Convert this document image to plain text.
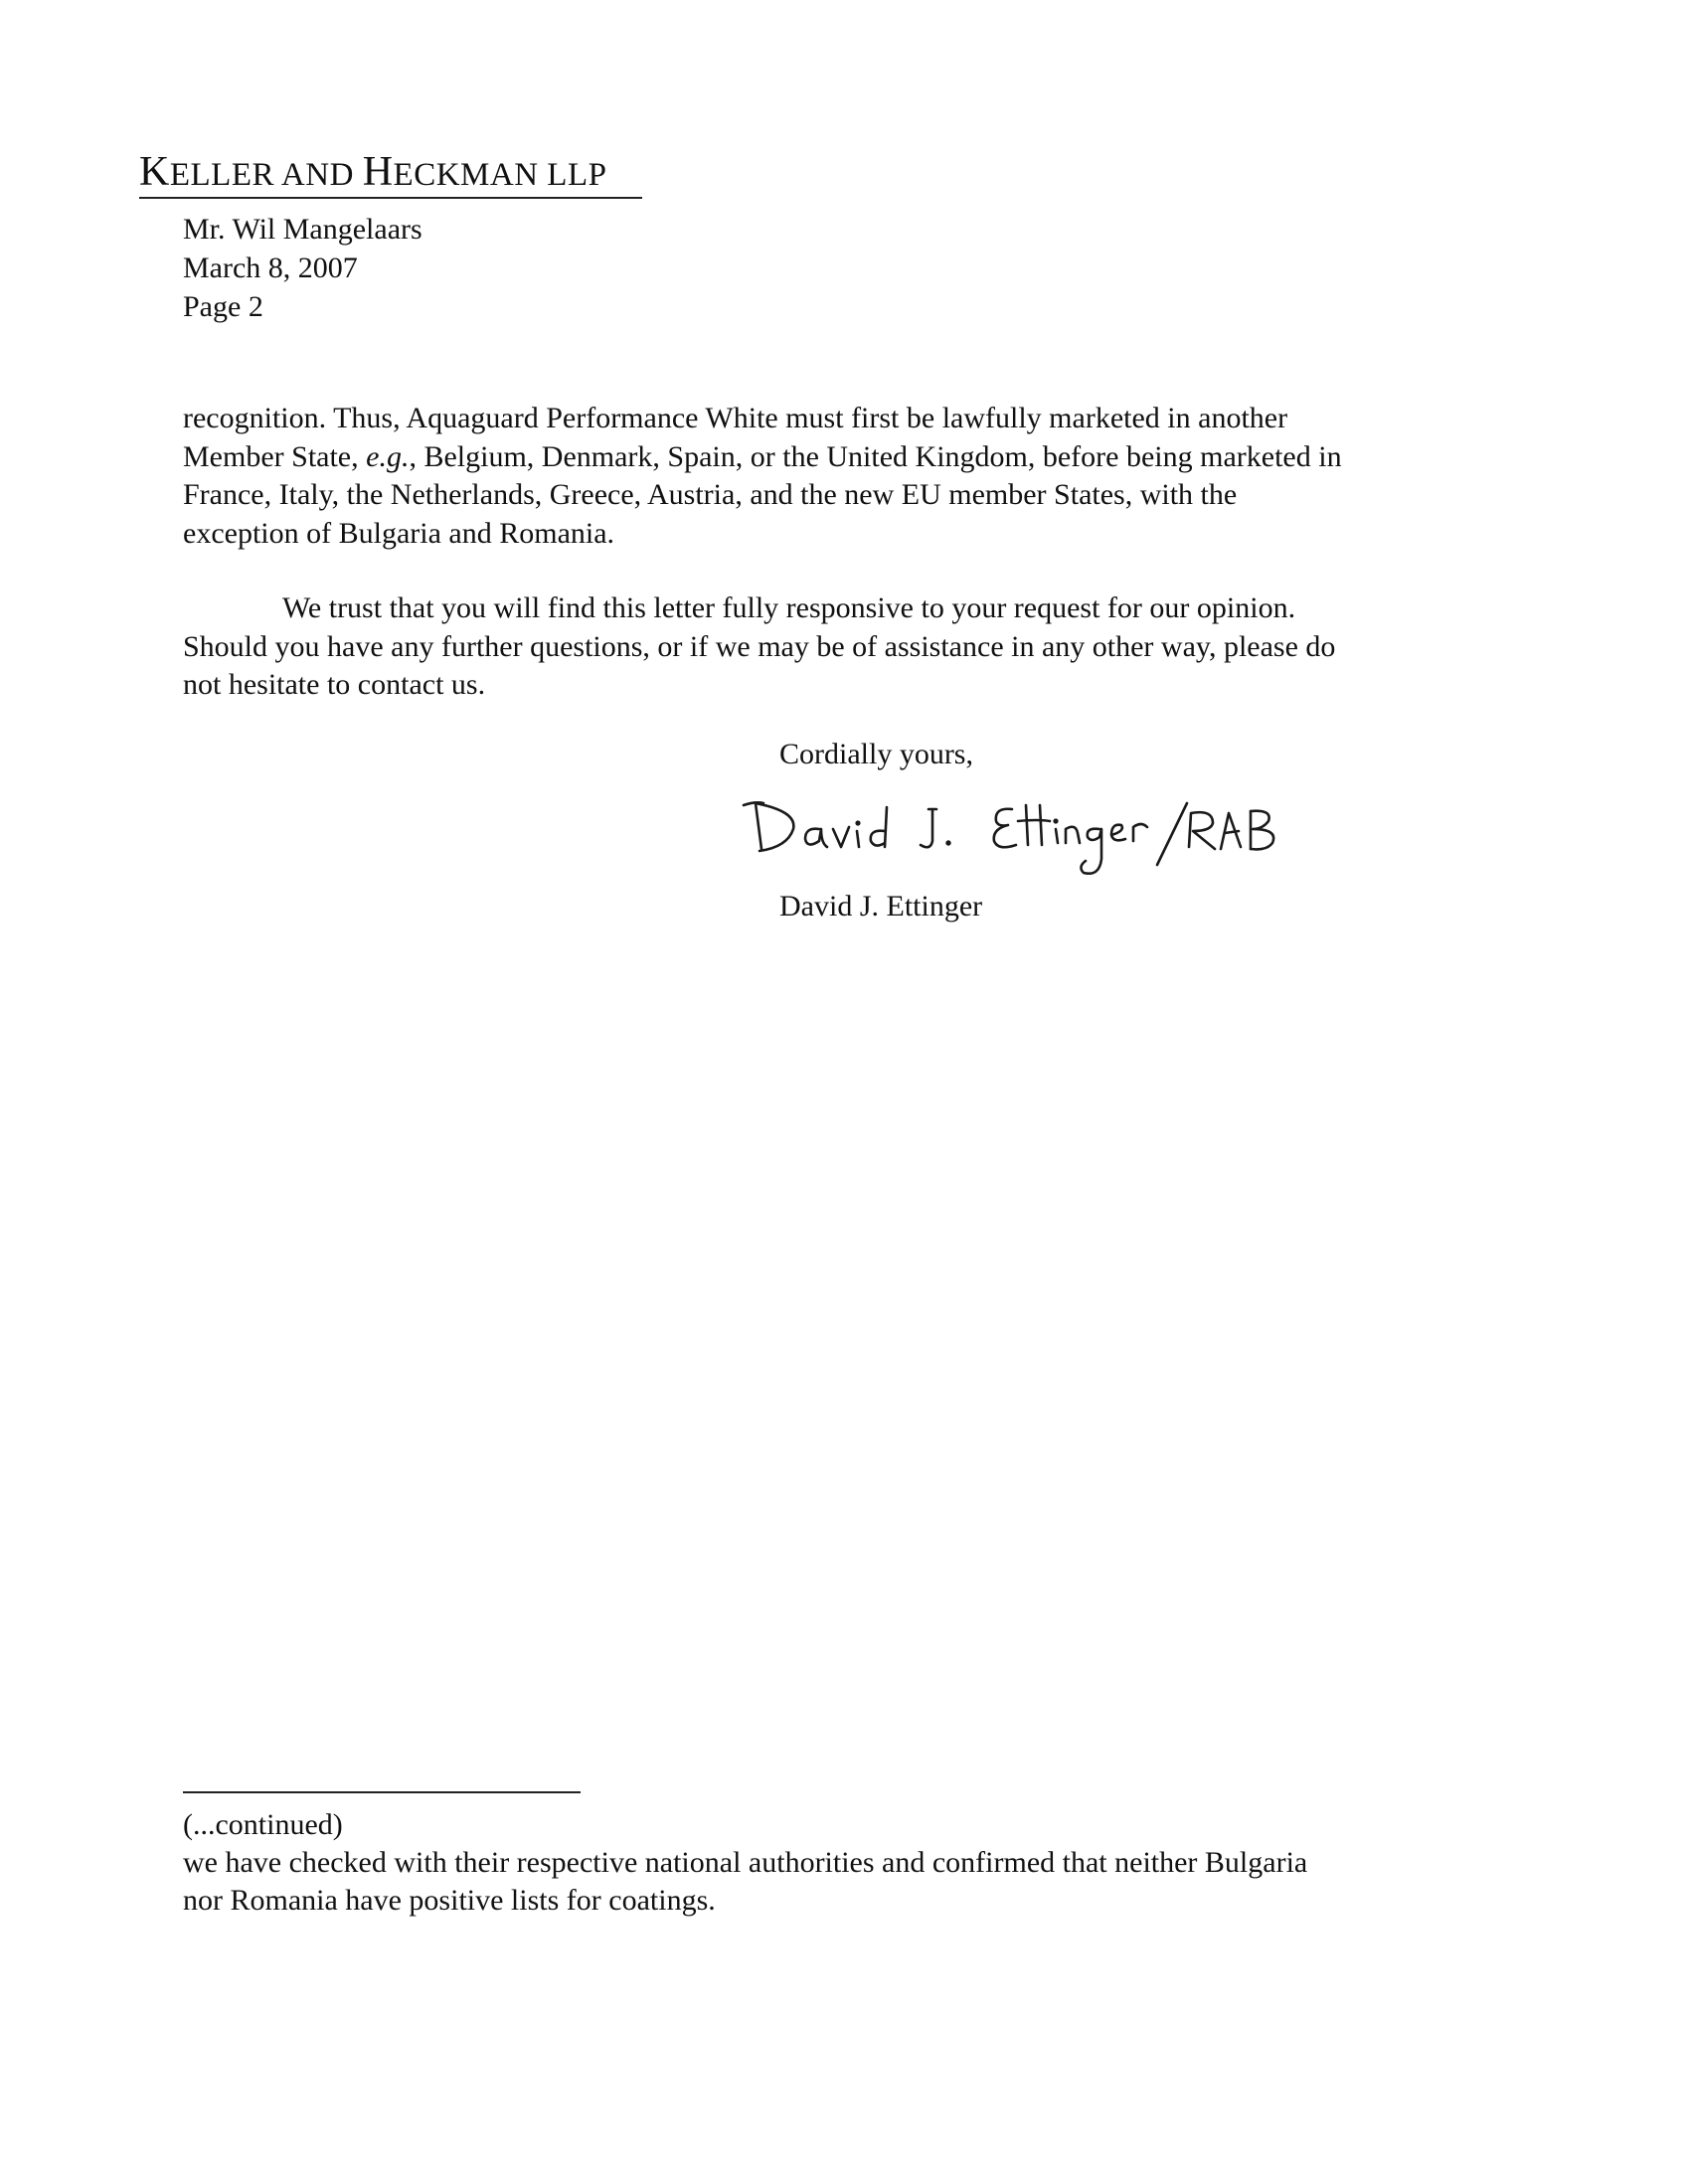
KELLER AND HECKMAN LLP
Mr. Wil Mangelaars
March 8, 2007
Page 2
recognition. Thus, Aquaguard Performance White must first be lawfully marketed in another
Member State, e.g., Belgium, Denmark, Spain, or the United Kingdom, before being marketed in
France, Italy, the Netherlands, Greece, Austria, and the new EU member States, with the
exception of Bulgaria and Romania.
We trust that you will find this letter fully responsive to your request for our opinion.
Should you have any further questions, or if we may be of assistance in any other way, please do
not hesitate to contact us.
Cordially yours,
David J. Ettinger
(...continued)
we have checked with their respective national authorities and confirmed that neither Bulgaria
nor Romania have positive lists for coatings.
